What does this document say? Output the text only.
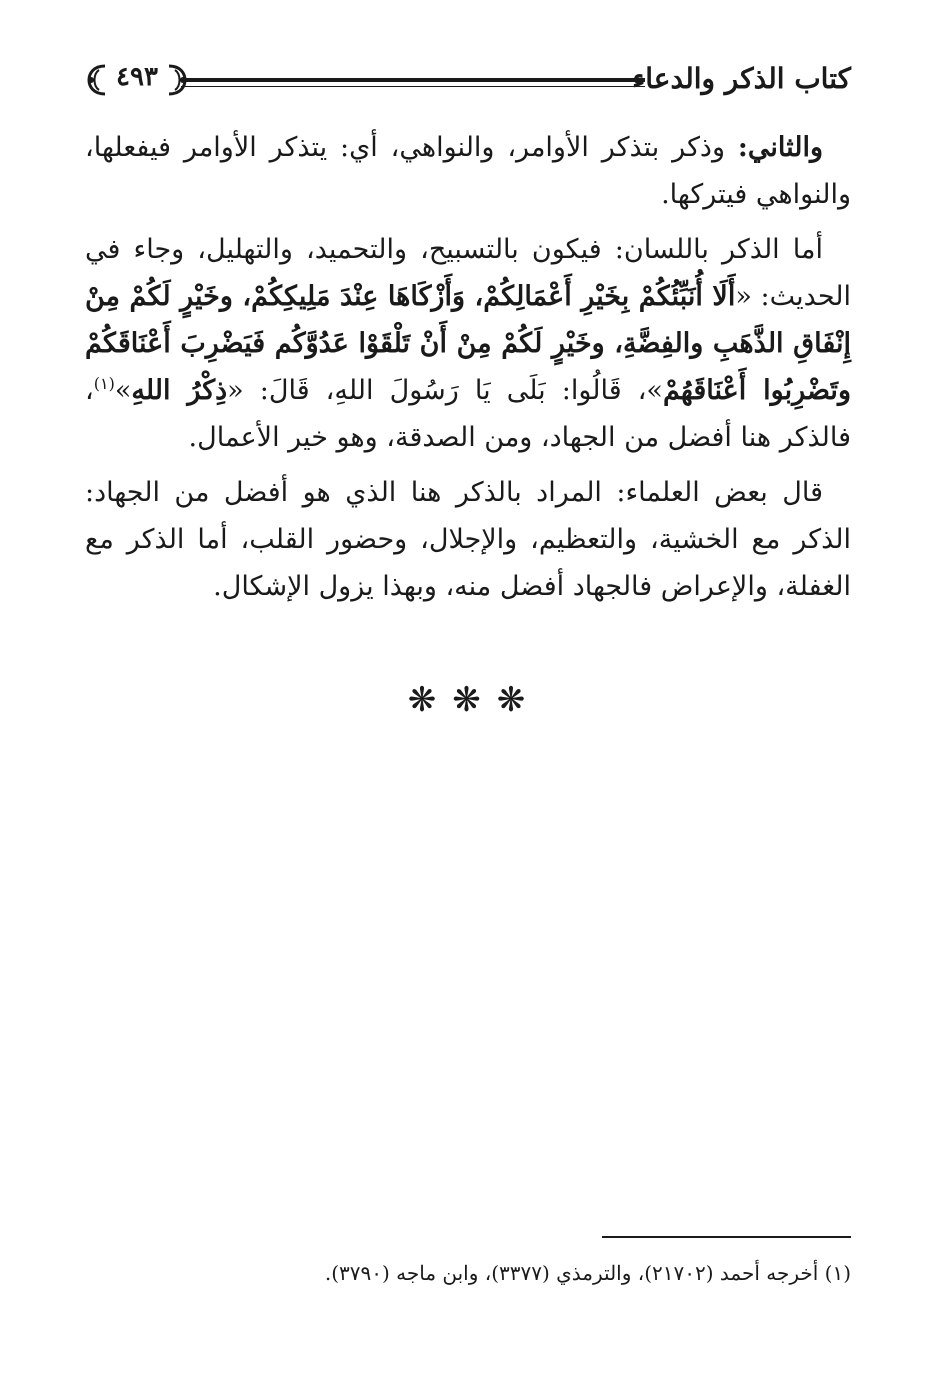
كتاب الذكر والدعاء
٤٩٣

والثاني: وذكر بتذكر الأوامر، والنواهي، أي: يتذكر الأوامر فيفعلها، والنواهي فيتركها.

أما الذكر باللسان: فيكون بالتسبيح، والتحميد، والتهليل، وجاء في الحديث: «أَلَا أُنَبِّئُكُمْ بِخَيْرِ أَعْمَالِكُمْ، وَأَزْكَاهَا عِنْدَ مَلِيكِكُمْ، وخَيْرٍ لَكُمْ مِنْ إِنْفَاقِ الذَّهَبِ والفِضَّةِ، وخَيْرٍ لَكُمْ مِنْ أَنْ تَلْقَوْا عَدُوَّكُم فَيَضْرِبَ أَعْنَاقَكُمْ وتَضْرِبُوا أَعْنَاقَهُمْ»، قَالُوا: بَلَى يَا رَسُولَ اللهِ، قَالَ: «ذِكْرُ اللهِ»$^{(١)}$، فالذكر هنا أفضل من الجهاد، ومن الصدقة، وهو خير الأعمال.

قال بعض العلماء: المراد بالذكر هنا الذي هو أفضل من الجهاد: الذكر مع الخشية، والتعظيم، والإجلال، وحضور القلب، أما الذكر مع الغفلة، والإعراض فالجهاد أفضل منه، وبهذا يزول الإشكال.

❋❋❋
(١) أخرجه أحمد (٢١٧٠٢)، والترمذي (٣٣٧٧)، وابن ماجه (٣٧٩٠).
